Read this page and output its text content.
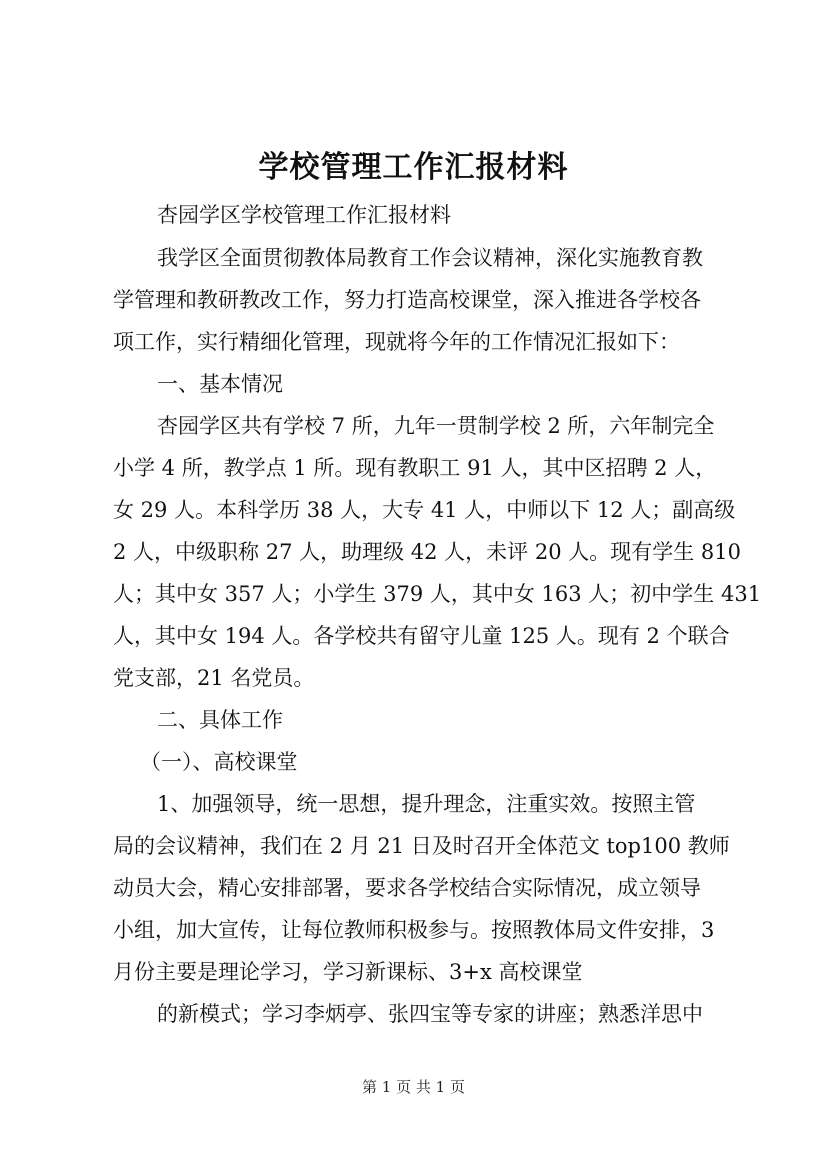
学校管理工作汇报材料

杏园学区学校管理工作汇报材料

我学区全面贯彻教体局教育工作会议精神，深化实施教育教

学管理和教研教改工作，努力打造高校课堂，深入推进各学校各

项工作，实行精细化管理，现就将今年的工作情况汇报如下：

一、基本情况

杏园学区共有学校 7 所，九年一贯制学校 2 所，六年制完全

小学 4 所，教学点 1 所。现有教职工 91 人，其中区招聘 2 人，

女 29 人。本科学历 38 人，大专 41 人，中师以下 12 人；副高级

2 人，中级职称 27 人，助理级 42 人，未评 20 人。现有学生 810

人；其中女 357 人；小学生 379 人，其中女 163 人；初中学生 431

人，其中女 194 人。各学校共有留守儿童 125 人。现有 2 个联合

党支部，21 名党员。

二、具体工作

（一）、高校课堂

1、加强领导，统一思想，提升理念，注重实效。按照主管

局的会议精神，我们在 2 月 21 日及时召开全体范文 top100 教师

动员大会，精心安排部署，要求各学校结合实际情况，成立领导

小组，加大宣传，让每位教师积极参与。按照教体局文件安排，3

月份主要是理论学习，学习新课标、3+x 高校课堂

的新模式；学习李炳亭、张四宝等专家的讲座；熟悉洋思中

第 1 页 共 1 页
